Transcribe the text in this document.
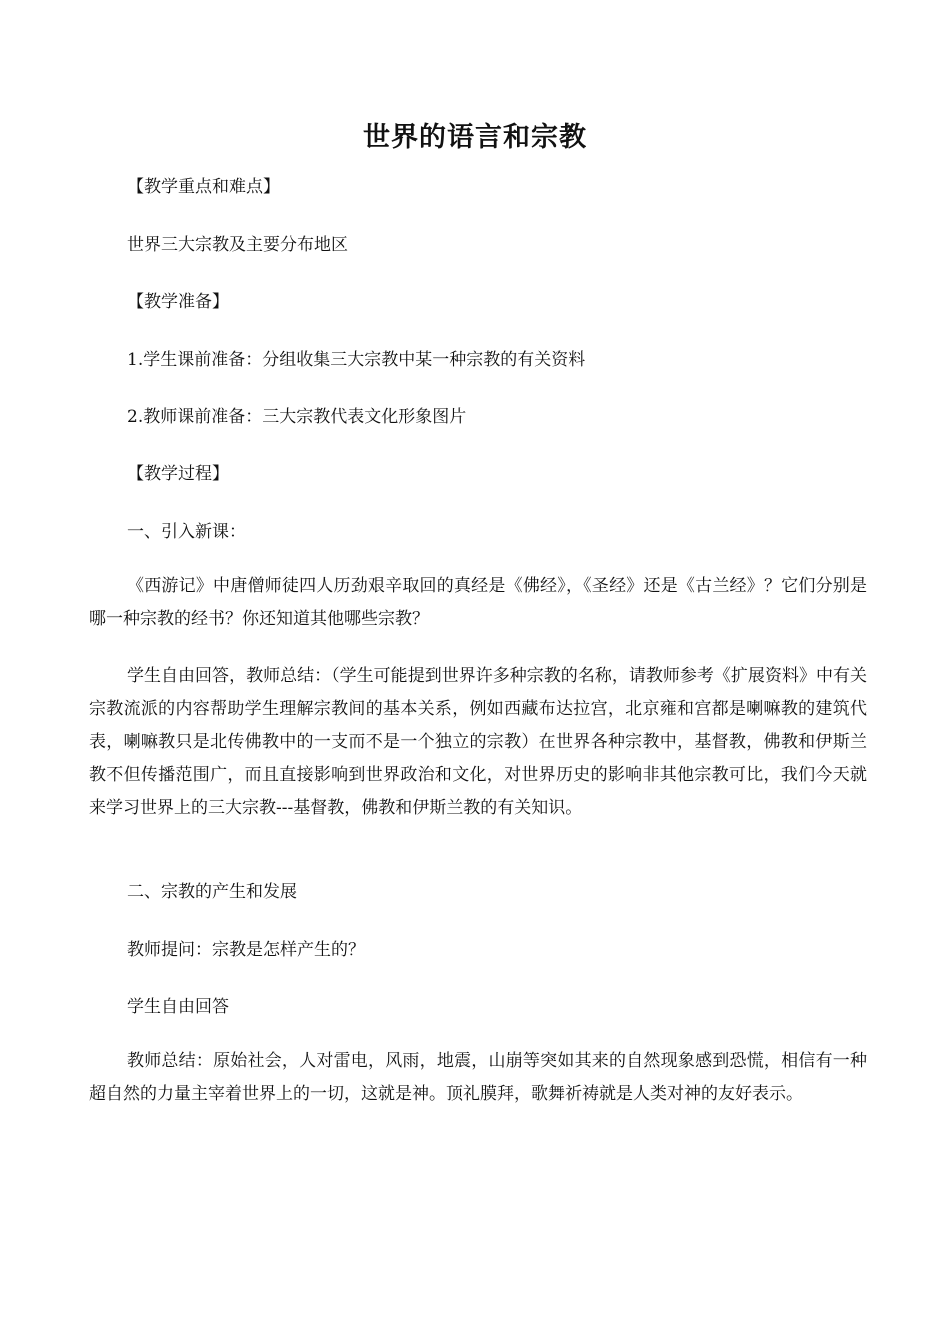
世界的语言和宗教
【教学重点和难点】
世界三大宗教及主要分布地区
【教学准备】
1.学生课前准备：分组收集三大宗教中某一种宗教的有关资料
2.教师课前准备：三大宗教代表文化形象图片
【教学过程】
一、引入新课：
《西游记》中唐僧师徒四人历劲艰辛取回的真经是《佛经》，《圣经》还是《古兰经》？它们分别是哪一种宗教的经书？你还知道其他哪些宗教？
学生自由回答，教师总结：（学生可能提到世界许多种宗教的名称，请教师参考《扩展资料》中有关宗教流派的内容帮助学生理解宗教间的基本关系，例如西藏布达拉宫，北京雍和宫都是喇嘛教的建筑代表，喇嘛教只是北传佛教中的一支而不是一个独立的宗教）在世界各种宗教中，基督教，佛教和伊斯兰教不但传播范围广，而且直接影响到世界政治和文化，对世界历史的影响非其他宗教可比，我们今天就来学习世界上的三大宗教---基督教，佛教和伊斯兰教的有关知识。
二、宗教的产生和发展
教师提问：宗教是怎样产生的？
学生自由回答
教师总结：原始社会，人对雷电，风雨，地震，山崩等突如其来的自然现象感到恐慌，相信有一种超自然的力量主宰着世界上的一切，这就是神。顶礼膜拜，歌舞祈祷就是人类对神的友好表示。
